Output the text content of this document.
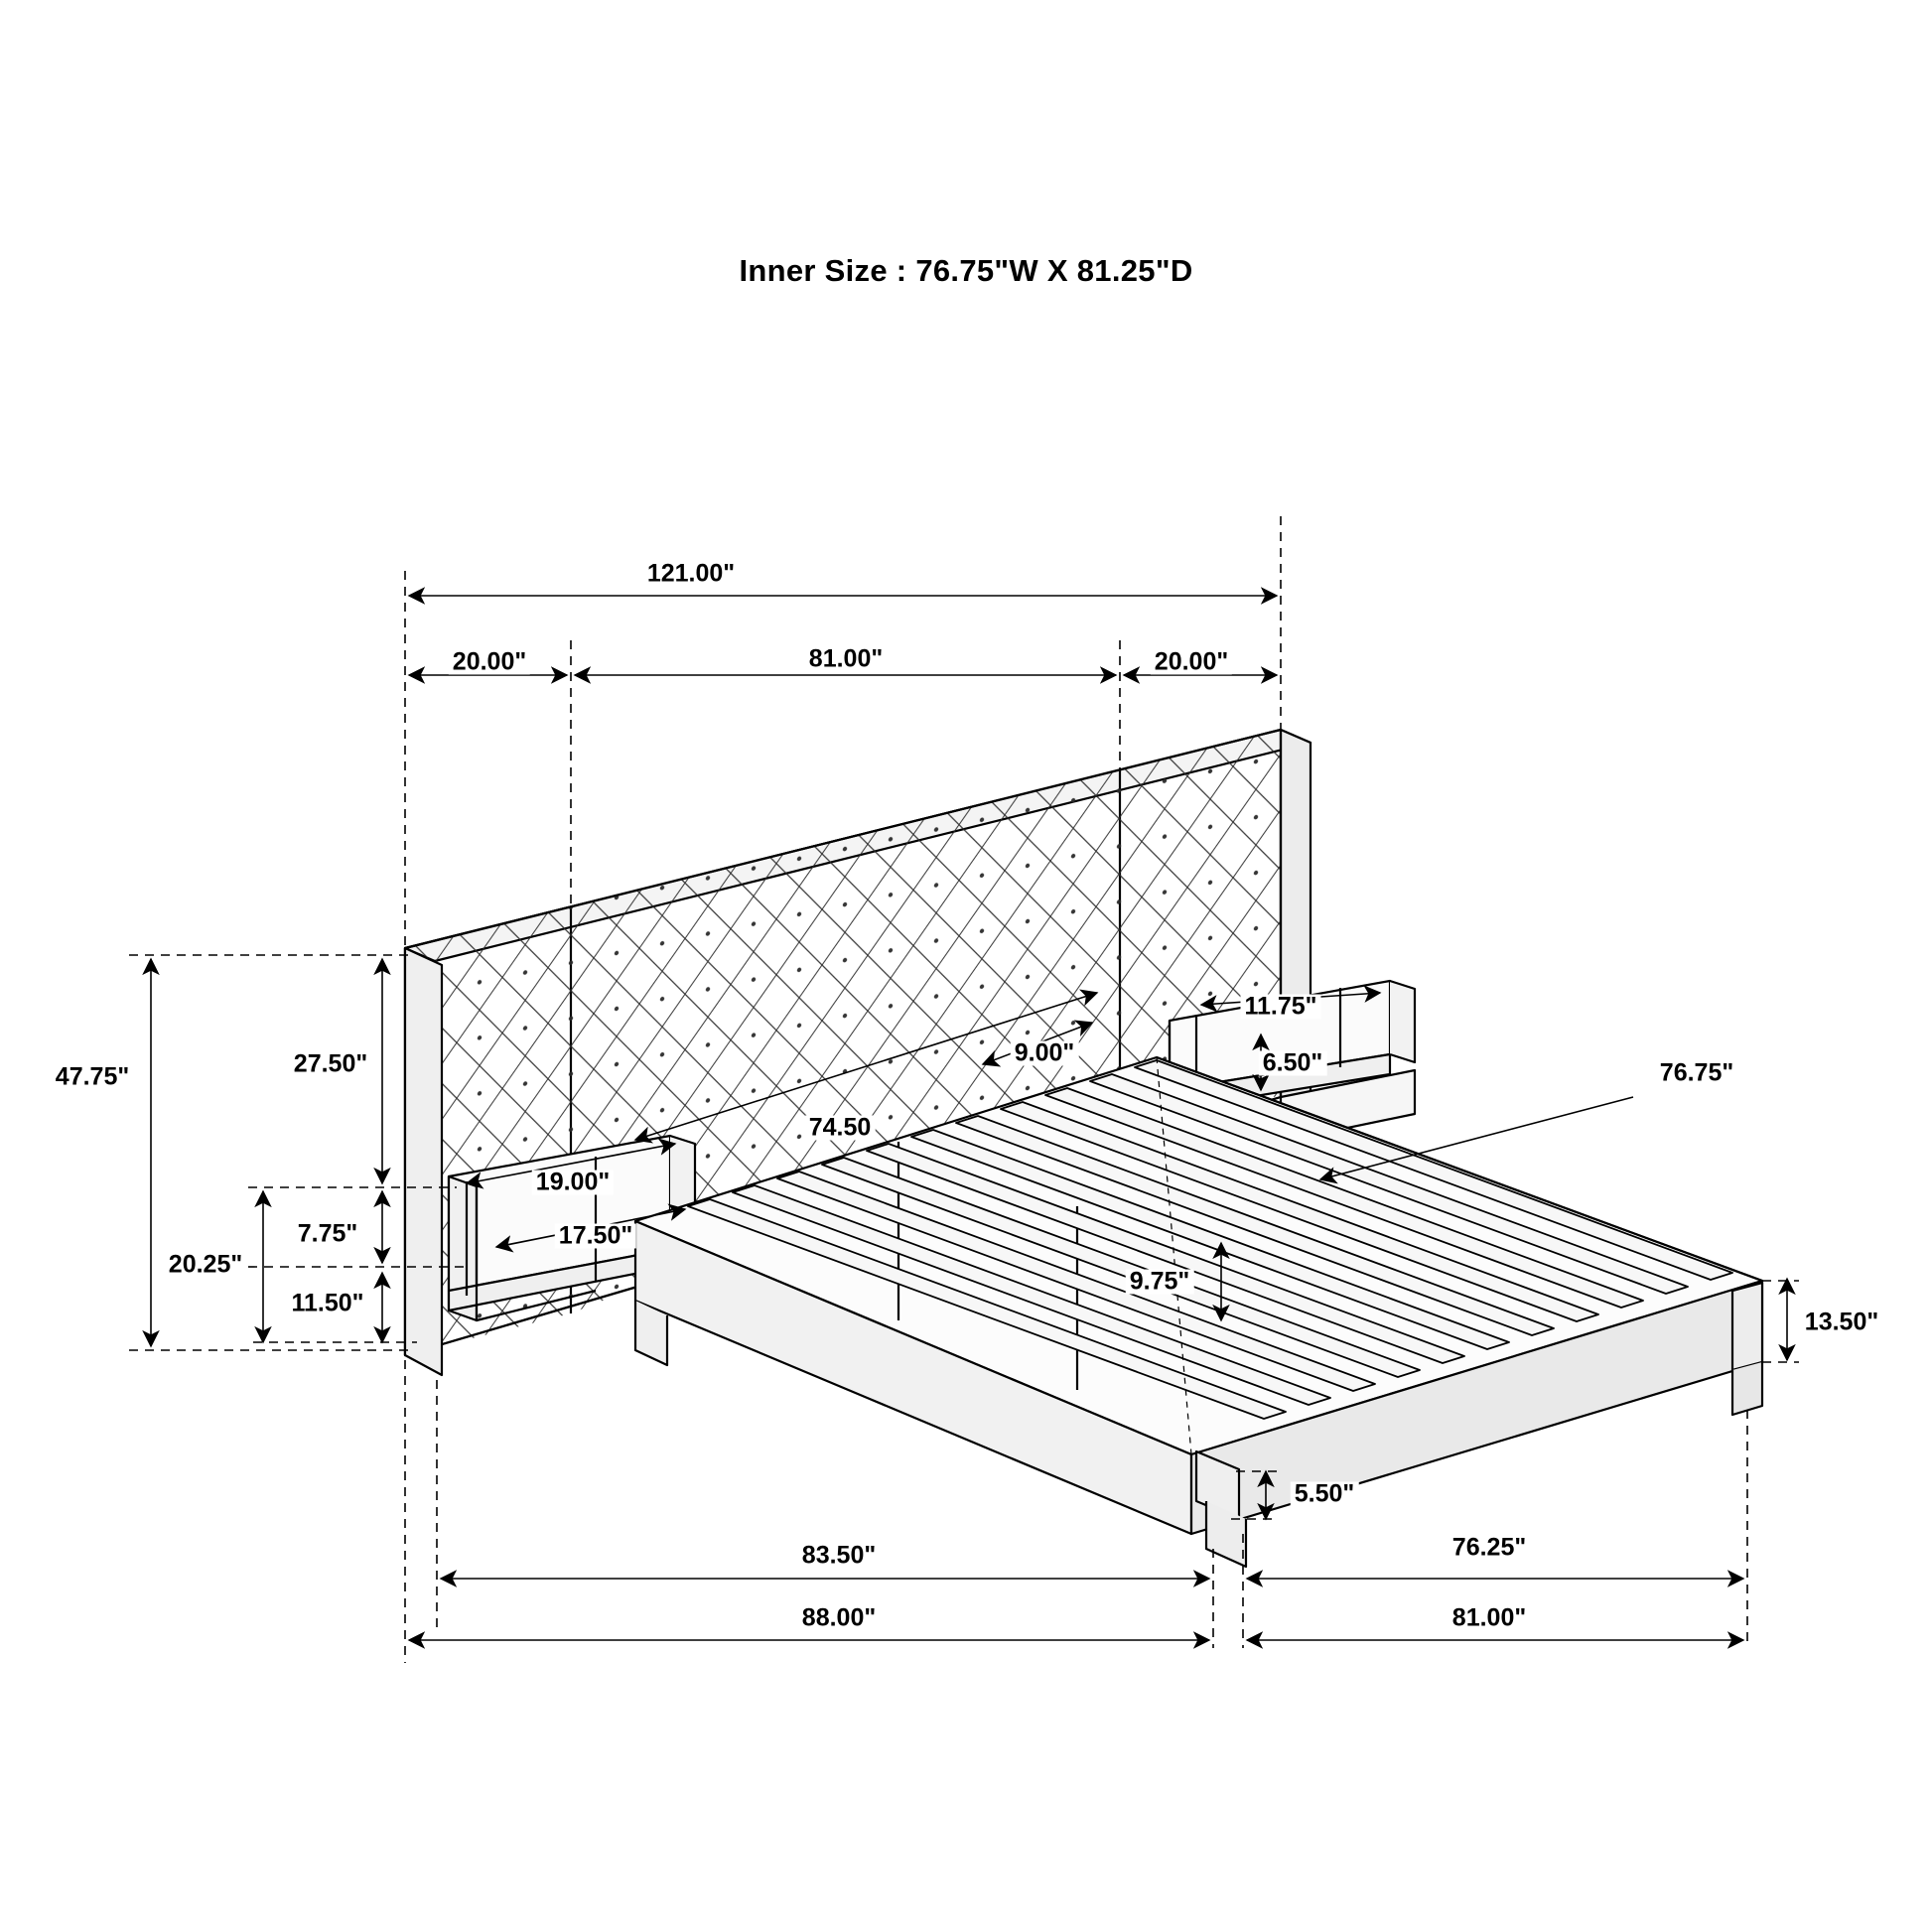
Inner Size : 76.75"W X 81.25"D
121.00"
20.00"	81.00"	20.00"
47.75"	27.50"
20.25"
7.75"
11.50"
11.75"
6.50"
9.00"
74.50
19.00"
17.50"
76.75"
9.75"
13.50"
5.50"
83.50"	76.25"
88.00"	81.00"
